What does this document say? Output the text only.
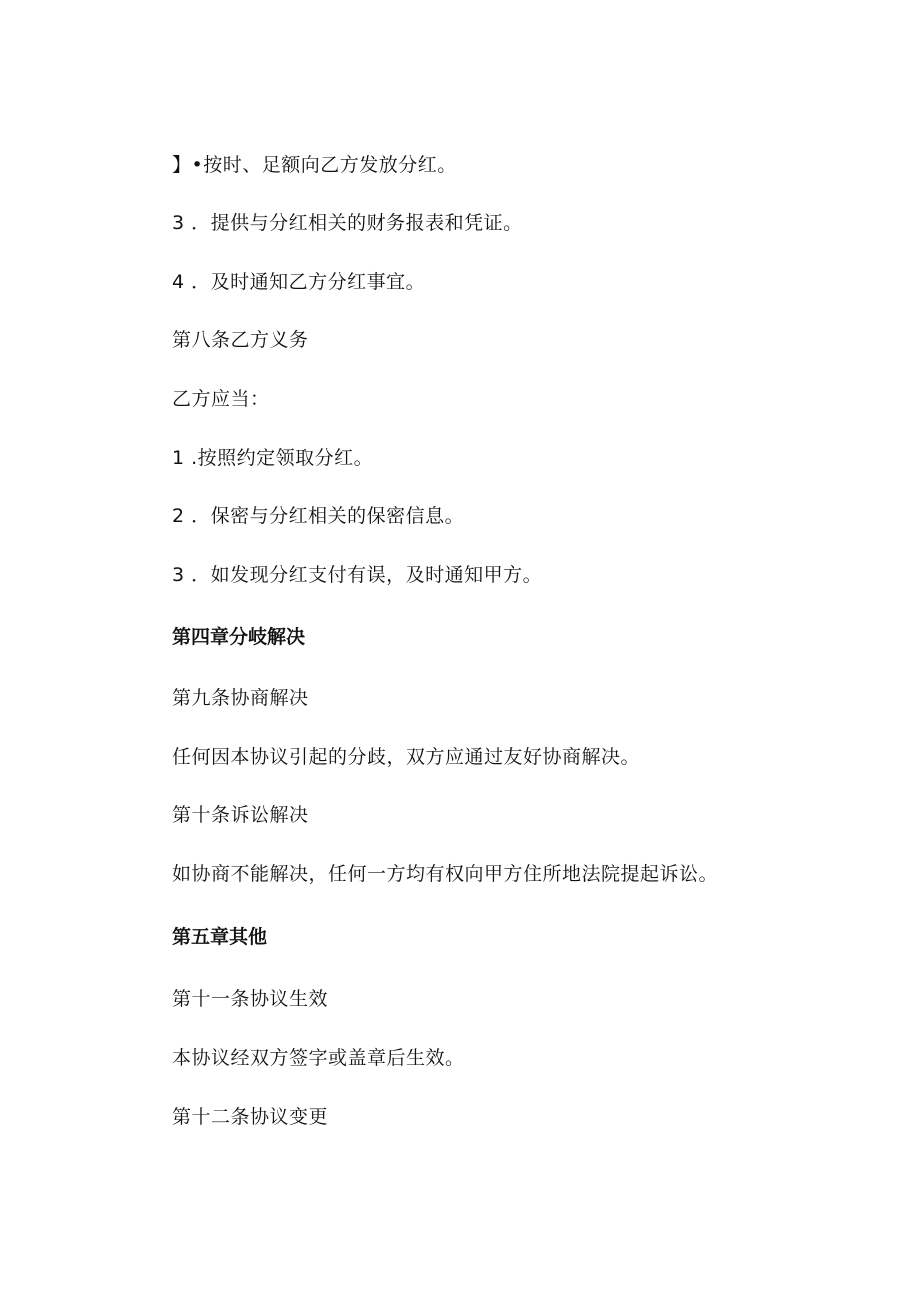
】•按时、足额向乙方发放分红。

3 ．提供与分红相关的财务报表和凭证。

4 ．及时通知乙方分红事宜。

第八条乙方义务

乙方应当：

1 .按照约定领取分红。

2 ．保密与分红相关的保密信息。

3 ．如发现分红支付有误，及时通知甲方。

第四章分岐解决

第九条协商解决

任何因本协议引起的分歧，双方应通过友好协商解决。

第十条诉讼解决

如协商不能解决，任何一方均有权向甲方住所地法院提起诉讼。

第五章其他

第十一条协议生效

本协议经双方签字或盖章后生效。

第十二条协议变更
